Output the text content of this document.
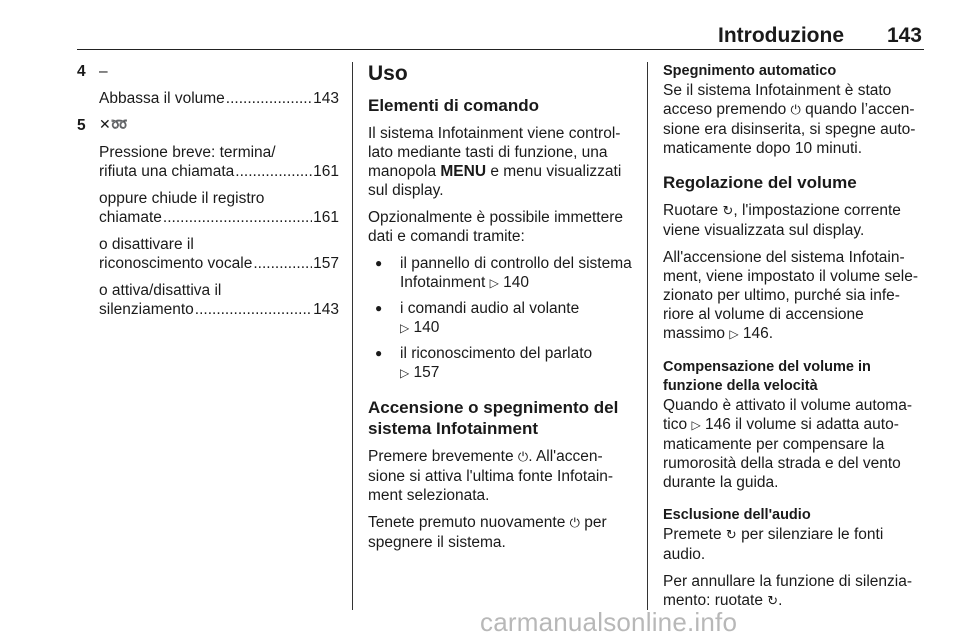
Introduzione 143
4 –
Abbassa il volume .....	143
5 ✕➿
Pressione breve: termina/
rifiuta una chiamata .....	161
oppure chiude il registro
chiamate .....	161
o disattivare il
riconoscimento vocale .....	157
o attiva/disattiva il
silenziamento .....	143
Uso
Elementi di comando

Il sistema Infotainment viene control-lato mediante tasti di funzione, una manopola MENU e menu visualizzati sul display.

Opzionalmente è possibile immettere dati e comandi tramite:

● il pannello di controllo del sistema Infotainment ▷ 140
● i comandi audio al volante
▷ 140
● il riconoscimento del parlato
▷ 157
Accensione o spegnimento del sistema Infotainment

Premere brevemente ⏻. All'accen-sione si attiva l'ultima fonte Infotain-ment selezionata.

Tenete premuto nuovamente ⏻ per spegnere il sistema.

Spegnimento automatico

Se il sistema Infotainment è stato acceso premendo ⏻ quando l’accen-sione era disinserita, si spegne auto-maticamente dopo 10 minuti.

Regolazione del volume

Ruotare ↻, l'impostazione corrente viene visualizzata sul display.

All'accensione del sistema Infotain-ment, viene impostato il volume sele-zionato per ultimo, purché sia infe-riore al volume di accensione massimo ▷ 146.

Compensazione del volume in funzione della velocità

Quando è attivato il volume automa-tico ▷ 146 il volume si adatta auto-maticamente per compensare la rumorosità della strada e del vento durante la guida.

Esclusione dell'audio

Premete ↻ per silenziare le fonti audio.

Per annullare la funzione di silenzia-mento: ruotate ↻.

carmanualsonline.info
